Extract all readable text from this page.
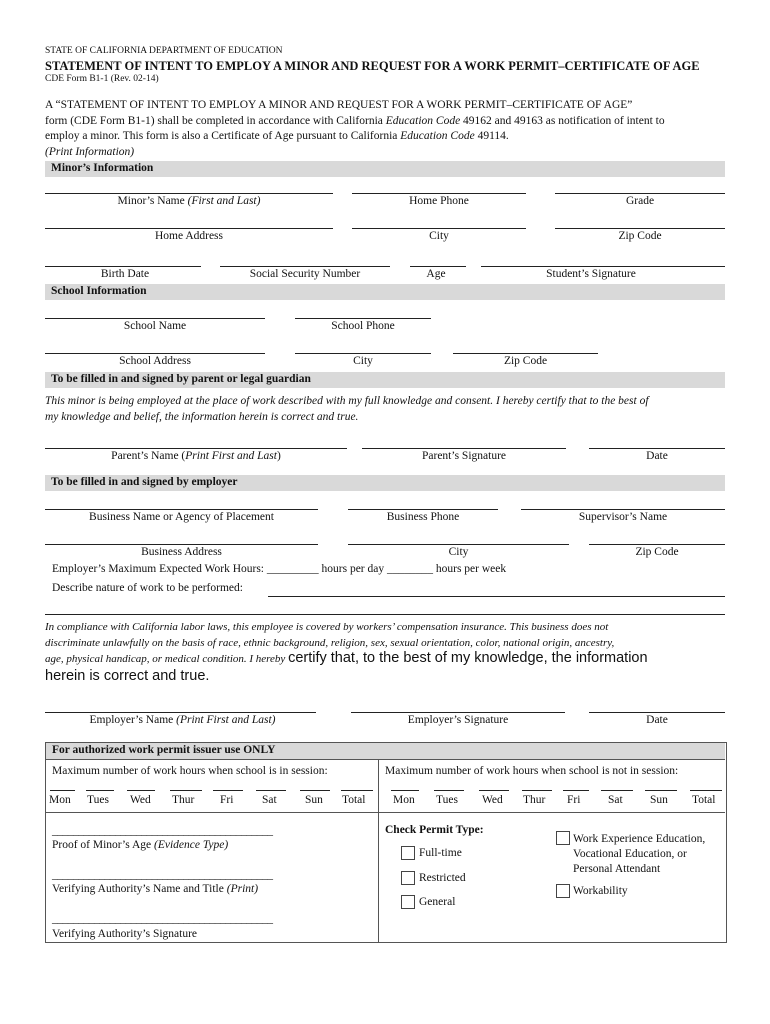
STATE OF CALIFORNIA DEPARTMENT OF EDUCATION
STATEMENT OF INTENT TO EMPLOY A MINOR AND REQUEST FOR A WORK PERMIT–CERTIFICATE OF AGE
CDE Form B1-1 (Rev. 02-14)
A “STATEMENT OF INTENT TO EMPLOY A MINOR AND REQUEST FOR A WORK PERMIT–CERTIFICATE OF AGE”
form (CDE Form B1-1) shall be completed in accordance with California Education Code 49162 and 49163 as notification of intent to
employ a minor. This form is also a Certificate of Age pursuant to California Education Code 49114.
(Print Information)
Minor’s Information
Minor’s Name (First and Last)	Home Phone	Grade
Home Address	City	Zip Code
Birth Date	Social Security Number	Age	Student’s Signature
School Information
School Name	School Phone
School Address	City	Zip Code
To be filled in and signed by parent or legal guardian
This minor is being employed at the place of work described with my full knowledge and consent. I hereby certify that to the best of
my knowledge and belief, the information herein is correct and true.
Parent’s Name (Print First and Last)	Parent’s Signature	Date
To be filled in and signed by employer
Business Name or Agency of Placement	Business Phone	Supervisor’s Name
Business Address	City	Zip Code
Employer’s Maximum Expected Work Hours: _________ hours per day ________ hours per week
Describe nature of work to be performed:
In compliance with California labor laws, this employee is covered by workers’ compensation insurance. This business does not
discriminate unlawfully on the basis of race, ethnic background, religion, sex, sexual orientation, color, national origin, ancestry,
age, physical handicap, or medical condition. I hereby certify that, to the best of my knowledge, the information
herein is correct and true.
Employer’s Name (Print First and Last)	Employer’s Signature	Date
For authorized work permit issuer use ONLY
Maximum number of work hours when school is in session:	Maximum number of work hours when school is not in session:
Mon Tues Wed Thur Fri Sat Sun Total Mon Tues Wed Thur Fri Sat Sun Total
__________________________________________
Proof of Minor’s Age (Evidence Type)
__________________________________________
Verifying Authority’s Name and Title (Print)
__________________________________________
Verifying Authority’s Signature
Check Permit Type:
Full-time
Restricted
General
Work Experience Education,
Vocational Education, or
Personal Attendant
Workability
